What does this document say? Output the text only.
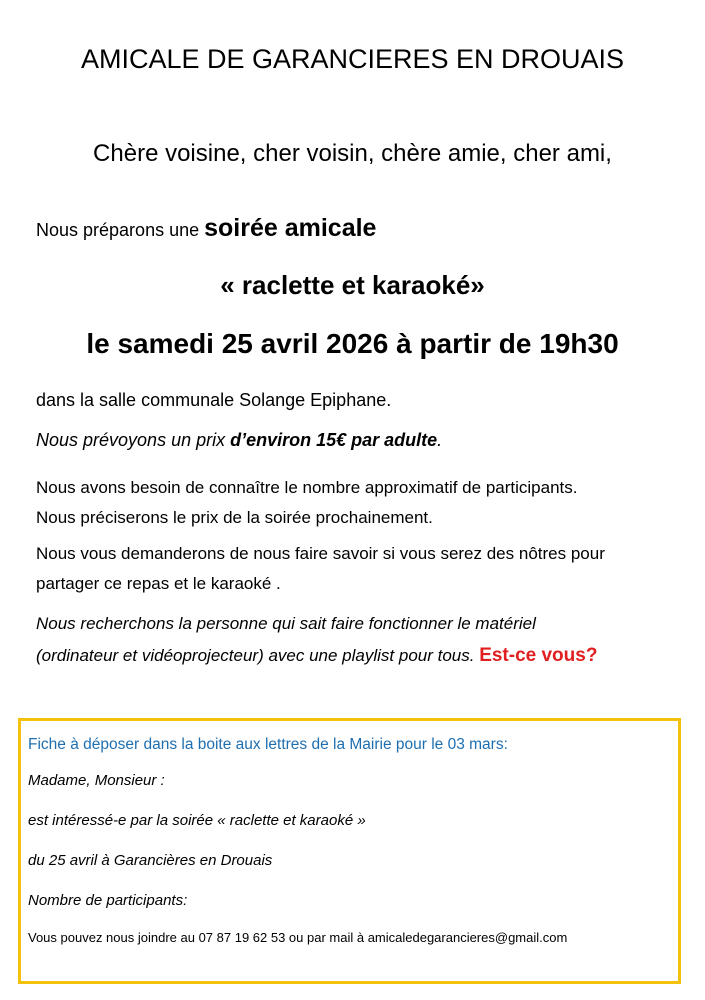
AMICALE DE GARANCIERES EN DROUAIS
Chère voisine, cher voisin, chère amie, cher ami,
Nous préparons une soirée amicale
« raclette et karaoké»
le samedi 25 avril 2026 à partir de 19h30
dans la salle communale Solange Epiphane.
Nous prévoyons un prix d’environ 15€ par adulte.
Nous avons besoin de connaître le nombre approximatif de participants.
Nous préciserons le prix de la soirée prochainement.
Nous vous demanderons de nous faire savoir si vous serez des nôtres pour
partager ce repas et le karaoké .
Nous recherchons la personne qui sait faire fonctionner le matériel
(ordinateur et vidéoprojecteur) avec une playlist pour tous. Est-ce vous?
Fiche à déposer dans la boite aux lettres de la Mairie pour le 03 mars:
Madame, Monsieur :
est intéressé-e par la soirée « raclette et karaoké »
du 25 avril à Garancières en Drouais
Nombre de participants:
Vous pouvez nous joindre au 07 87 19 62 53 ou par mail à amicaledegarancieres@gmail.com
